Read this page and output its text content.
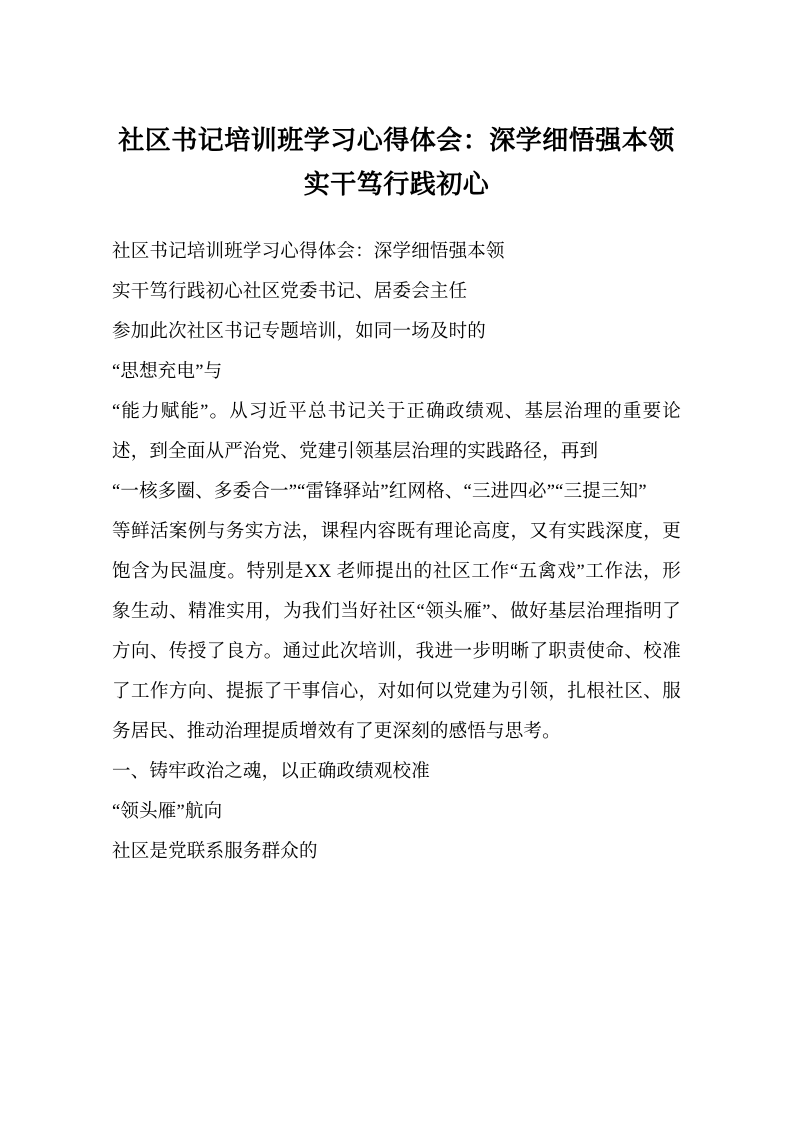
社区书记培训班学习心得体会：深学细悟强本领 实干笃行践初心

社区书记培训班学习心得体会：深学细悟强本领

实干笃行践初心社区党委书记、居委会主任

参加此次社区书记专题培训，如同一场及时的

“思想充电”与

“能力赋能”。从习近平总书记关于正确政绩观、基层治理的重要论述，到全面从严治党、党建引领基层治理的实践路径，再到

“一核多圈、多委合一”“雷锋驿站”红网格、“三进四必”“三提三知”

等鲜活案例与务实方法，课程内容既有理论高度，又有实践深度，更饱含为民温度。特别是XX 老师提出的社区工作“五禽戏”工作法，形象生动、精准实用，为我们当好社区“领头雁”、做好基层治理指明了方向、传授了良方。通过此次培训，我进一步明晰了职责使命、校准了工作方向、提振了干事信心，对如何以党建为引领，扎根社区、服务居民、推动治理提质增效有了更深刻的感悟与思考。

一、铸牢政治之魂，以正确政绩观校准

“领头雁”航向

社区是党联系服务群众的
